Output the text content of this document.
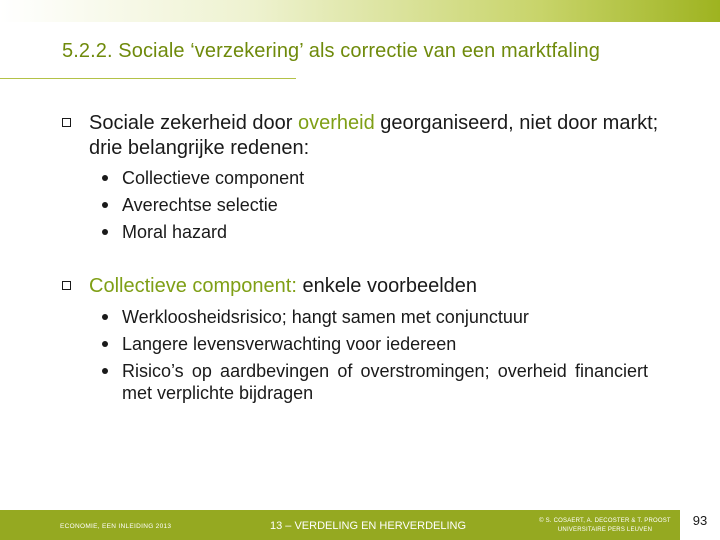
5.2.2. Sociale ‘verzekering’ als correctie van een marktfaling
Sociale zekerheid door overheid georganiseerd, niet door markt; drie belangrijke redenen:
Collectieve component
Averechtse selectie
Moral hazard
Collectieve component: enkele voorbeelden
Werkloosheidsrisico; hangt samen met conjunctuur
Langere levensverwachting voor iedereen
Risico’s op aardbevingen of overstromingen; overheid financiert met verplichte bijdragen
ECONOMIE, EEN INLEIDING 2013	13 – VERDELING EN HERVERDELING	© S. COSAERT, A. DECOSTER & T. PROOST
UNIVERSITAIRE PERS LEUVEN
93
